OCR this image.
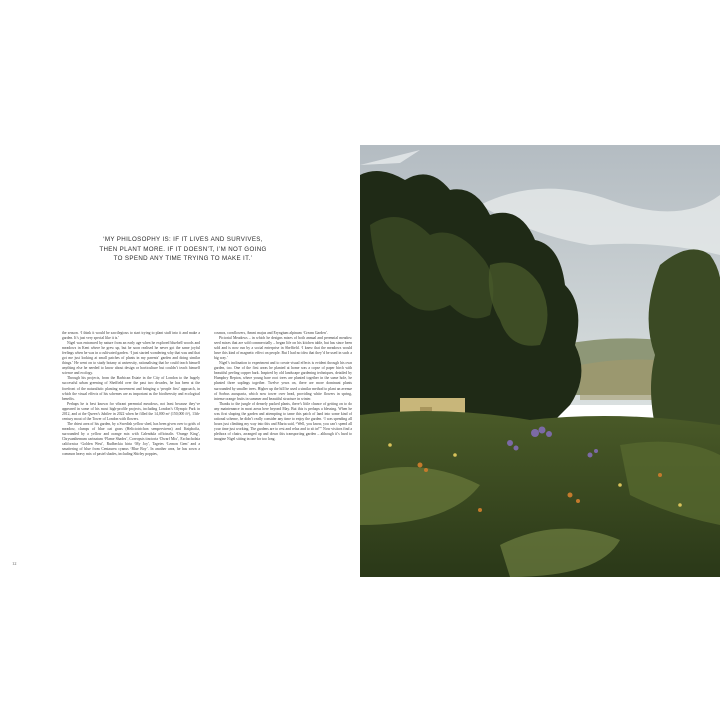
‘MY PHILOSOPHY IS: IF IT LIVES AND SURVIVES,

THEN PLANT MORE. IF IT DOESN’T, I’M NOT GOING

TO SPEND ANY TIME TRYING TO MAKE IT.’

the season. ‘I think it would be sacrilegious to start trying to plant stuff into it and make a garden. It’s just very special like it is.’

Nigel was entranced by nature from an early age when he explored bluebell woods and meadows in Kent where he grew up, but he soon realised he never got the same joyful feelings when he was in a cultivated garden. ‘I just started wondering why that was and that got me just looking at small patches of plants in my parents’ garden and doing similar things.’ He went on to study botany at university, rationalising that he could teach himself anything else he needed to know about design or horticulture but couldn’t teach himself science and ecology.

Through his projects, from the Barbican Estate in the City of London to the hugely successful urban greening of Sheffield over the past two decades, he has been at the forefront of the naturalistic planting movement and bringing a ‘people first’ approach, in which the visual effects of his schemes are as important as the biodiversity and ecological benefits.

Perhaps he is best known for vibrant perennial meadows, not least because they’ve appeared in some of his most high-profile projects, including London’s Olympic Park in 2012, and at the Queen’s Jubilee in 2022 when he filled the 14,000 m² (150,000 ft²), 13th-century moat of the Tower of London with flowers.

The driest area of his garden, by a Swedish yellow shed, has been given over to grids of meadow, clumps of blue oat grass (Helictotrichon sempervirens) and Kniphofia, surrounded by a yellow and orange mix with Calendula officinalis ‘Orange King’, Chrysanthemum carinatum ‘Flame Shades’, Coreopsis tinctoria ‘Dwarf Mix’, Eschscholzia californica ‘Golden West’, Rudbeckia hirta ‘My Joy’, Tagetes ‘Lemon Gem’ and a smattering of blue from Centaurea cyanus ‘Blue Boy’. In another area, he has sown a common heavy mix of pastel shades, including Shirley poppies,

cosmos, cornflowers, Ammi majus and Eryngium alpinum ‘Cream Garden’.

Pictorial Meadows – in which he designs mixes of both annual and perennial meadow seed mixes that are sold commercially – began life on his kitchen table, but has since been sold and is now run by a social enterprise in Sheffield. ‘I knew that the meadows would have this kind of magnetic effect on people. But I had no idea that they’d be used in such a big way.’

Nigel’s inclination to experiment and to create visual effects is evident through his own garden, too. One of the first areas he planted at home was a copse of paper birch with beautiful peeling copper bark. Inspired by old landscape gardening techniques, detailed by Humphry Repton, where young bare root trees are planted together in the same hole, he planted three saplings together. Twelve years on, there are more dominant plants surrounded by smaller trees. Higher up the hill he used a similar method to plant an avenue of Sorbus aucuparia, which now tower over head, providing white flowers in spring, intense orange fruits in summer and beautiful structure in winter.

Thanks to the jungle of densely packed plants, there’s little chance of getting on to do any maintenance in most areas here beyond May. But this is perhaps a blessing. When he was first shaping the garden and attempting to tame this patch of land into some kind of rational scheme, he didn’t really consider any time to enjoy the garden. ‘I was spending all hours just climbing my way into this and Marta said, “Well, you know, you can’t spend all your time just working. The gardens are to rest and relax and to sit in!”’ Now visitors find a plethora of chairs, arranged up and down this transporting garden – although it’s hard to imagine Nigel sitting in one for too long.

12
